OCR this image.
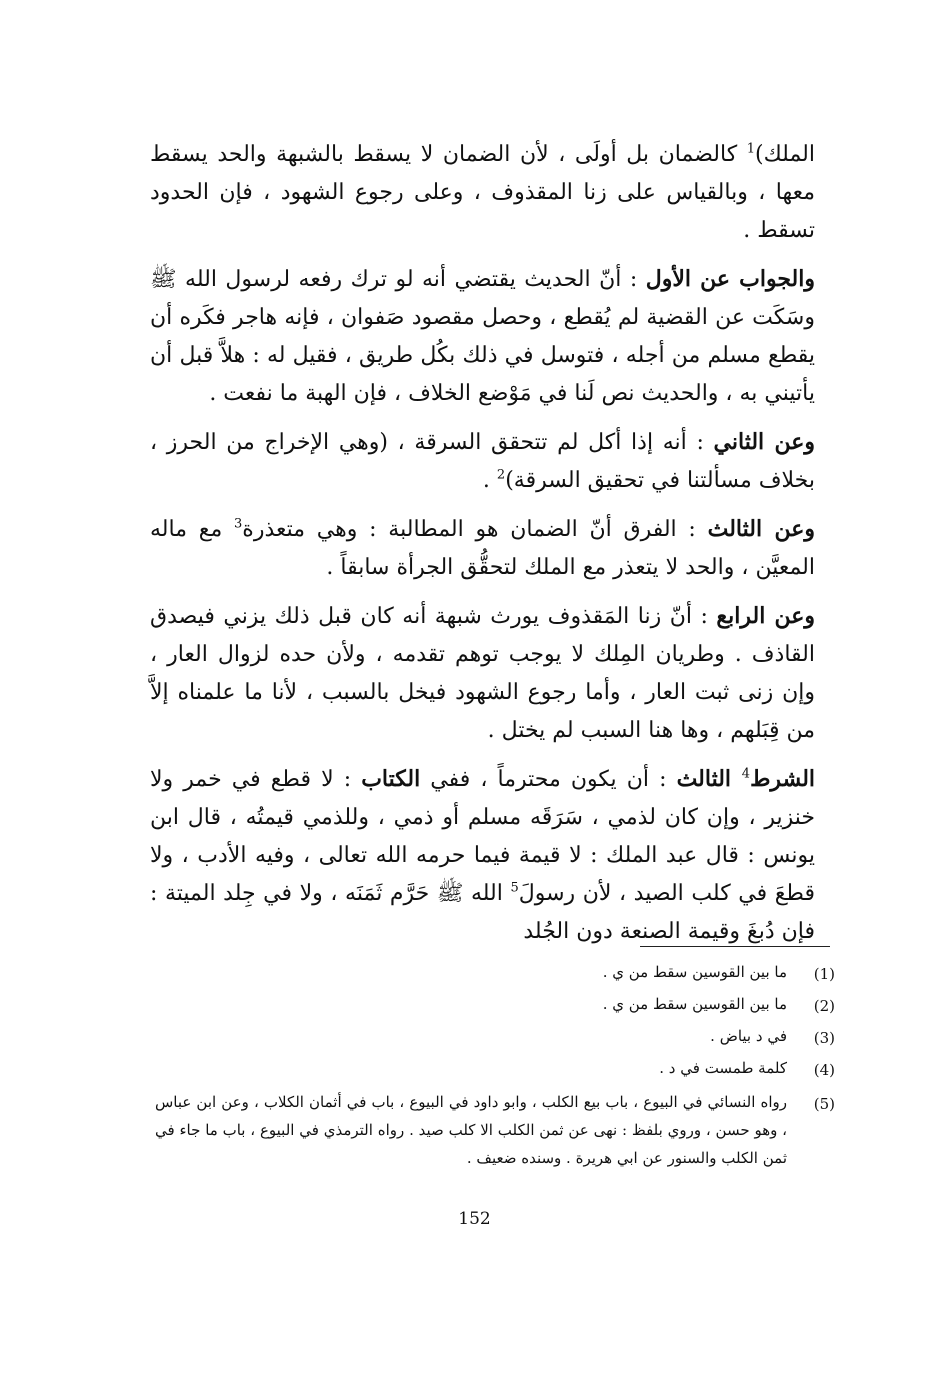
الملك)$^1$ كالضمان بل أولَى ، لأن الضمان لا يسقط بالشبهة والحد يسقط معها ، وبالقياس على زنا المقذوف ، وعلى رجوع الشهود ، فإن الحدود تسقط .

والجواب عن الأول : أنّ الحديث يقتضي أنه لو ترك رفعه لرسول الله ﷺ وسَكَت عن القضية لم يُقطع ، وحصل مقصود صَفوان ، فإنه هاجر فكَره أن يقطع مسلم من أجله ، فتوسل في ذلك بكُل طريق ، فقيل له : هلاَّ قبل أن يأتيني به ، والحديث نص لَنا في مَوْضع الخلاف ، فإن الهبة ما نفعت .

وعن الثاني : أنه إذا أكل لم تتحقق السرقة ، (وهي الإخراج من الحرز ، بخلاف مسألتنا في تحقيق السرقة)$^2$ .

وعن الثالث : الفرق أنّ الضمان هو المطالبة : وهي متعذرة$^3$ مع ماله المعيَّن ، والحد لا يتعذر مع الملك لتحقُّق الجرأة سابقاً .

وعن الرابع : أنّ زنا المَقذوف يورث شبهة أنه كان قبل ذلك يزني فيصدق القاذف . وطريان المِلك لا يوجب توهم تقدمه ، ولأن حده لزوال العار ، وإن زنى ثبت العار ، وأما رجوع الشهود فيخل بالسبب ، لأنا ما علمناه إلاَّ من قِبَلهم ، وها هنا السبب لم يختل .

الشرط$^4$ الثالث : أن يكون محترماً ، ففي الكتاب : لا قطع في خمر ولا خنزير ، وإن كان لذمي ، سَرَقَه مسلم أو ذمي ، وللذمي قيمتُه ، قال ابن يونس : قال عبد الملك : لا قيمة فيما حرمه الله تعالى ، وفيه الأدب ، ولا قطعَ في كلب الصيد ، لأن رسولَ$^5$ الله ﷺ حَرَّم ثَمَنَه ، ولا في جِلد الميتة : فإن دُبغَ وقيمة الصنعة دون الجُلد

(1)
ما بين القوسين سقط من ي .
(2)
ما بين القوسين سقط من ي .
(3)
في د بياض .
(4)
كلمة طمست في د .
(5)
رواه النسائي في البيوع ، باب بيع الكلب ، وابو داود في البيوع ، باب في أثمان الكلاب ، وعن ابن عباس ، وهو حسن ، وروي بلفظ : نهى عن ثمن الكلب الا كلب صيد . رواه الترمذي في البيوع ، باب ما جاء في ثمن الكلب والسنور عن ابي هريرة . وسنده ضعيف .
152
